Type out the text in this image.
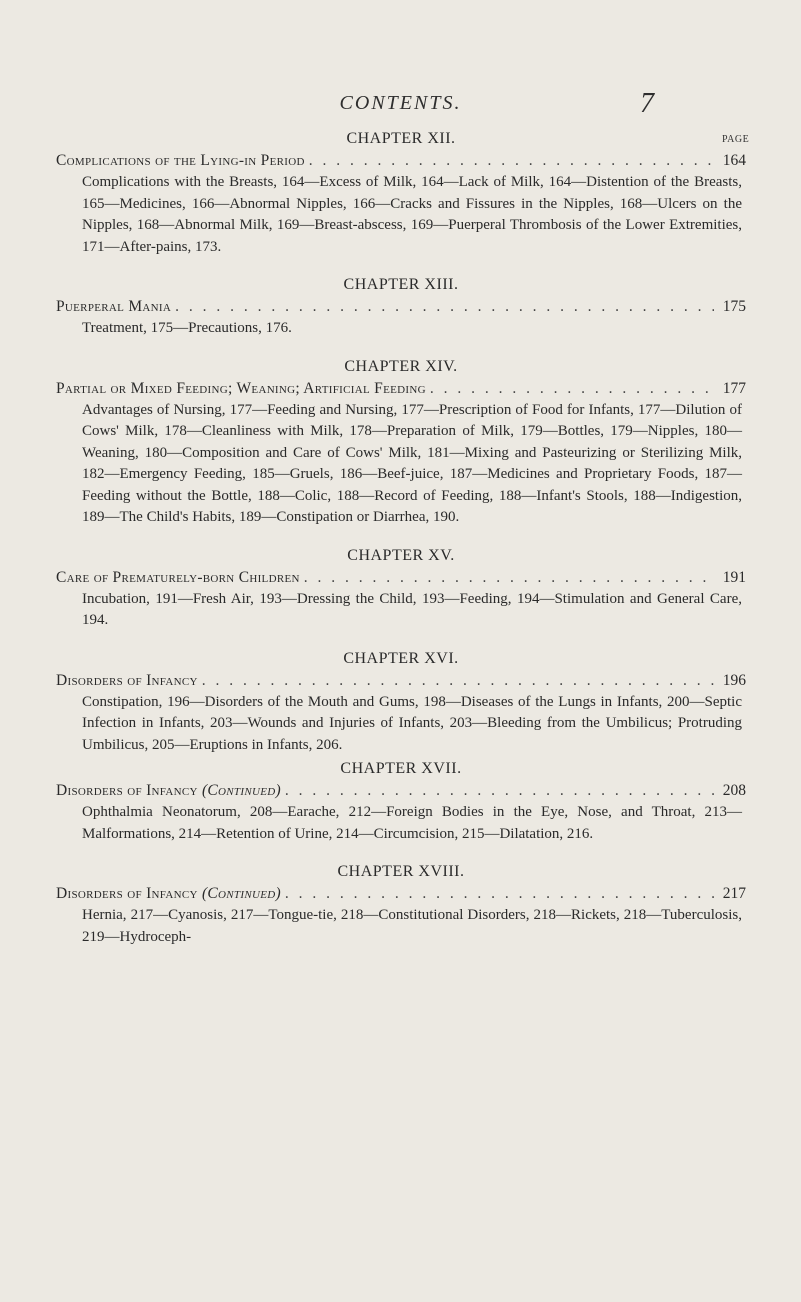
CONTENTS.	7
PAGE
CHAPTER XII.
Complications of the Lying-in Period . . .	164

Complications with the Breasts, 164—Excess of Milk, 164—Lack of Milk, 164—Distention of the Breasts, 165—Medicines, 166—Abnormal Nipples, 166—Cracks and Fissures in the Nipples, 168—Ulcers on the Nipples, 168—Abnormal Milk, 169—Breast-abscess, 169—Puerperal Thrombosis of the Lower Extremities, 171—After-pains, 173.

CHAPTER XIII.
Puerperal Mania . . .	175

Treatment, 175—Precautions, 176.

CHAPTER XIV.
Partial or Mixed Feeding; Weaning; Artificial Feeding . . .	177

Advantages of Nursing, 177—Feeding and Nursing, 177—Prescription of Food for Infants, 177—Dilution of Cows' Milk, 178—Cleanliness with Milk, 178—Preparation of Milk, 179—Bottles, 179—Nipples, 180—Weaning, 180—Composition and Care of Cows' Milk, 181—Mixing and Pasteurizing or Sterilizing Milk, 182—Emergency Feeding, 185—Gruels, 186—Beef-juice, 187—Medicines and Proprietary Foods, 187—Feeding without the Bottle, 188—Colic, 188—Record of Feeding, 188—Infant's Stools, 188—Indigestion, 189—The Child's Habits, 189—Constipation or Diarrhea, 190.

CHAPTER XV.
Care of Prematurely-born Children . . .	191

Incubation, 191—Fresh Air, 193—Dressing the Child, 193—Feeding, 194—Stimulation and General Care, 194.

CHAPTER XVI.
Disorders of Infancy . . .	196

Constipation, 196—Disorders of the Mouth and Gums, 198—Diseases of the Lungs in Infants, 200—Septic Infection in Infants, 203—Wounds and Injuries of Infants, 203—Bleeding from the Umbilicus; Protruding Umbilicus, 205—Eruptions in Infants, 206.

CHAPTER XVII.
Disorders of Infancy (Continued) . . .	208

Ophthalmia Neonatorum, 208—Earache, 212—Foreign Bodies in the Eye, Nose, and Throat, 213—Malformations, 214—Retention of Urine, 214—Circumcision, 215—Dilatation, 216.

CHAPTER XVIII.
Disorders of Infancy (Continued) . . .	217

Hernia, 217—Cyanosis, 217—Tongue-tie, 218—Constitutional Disorders, 218—Rickets, 218—Tuberculosis, 219—Hydroceph-
